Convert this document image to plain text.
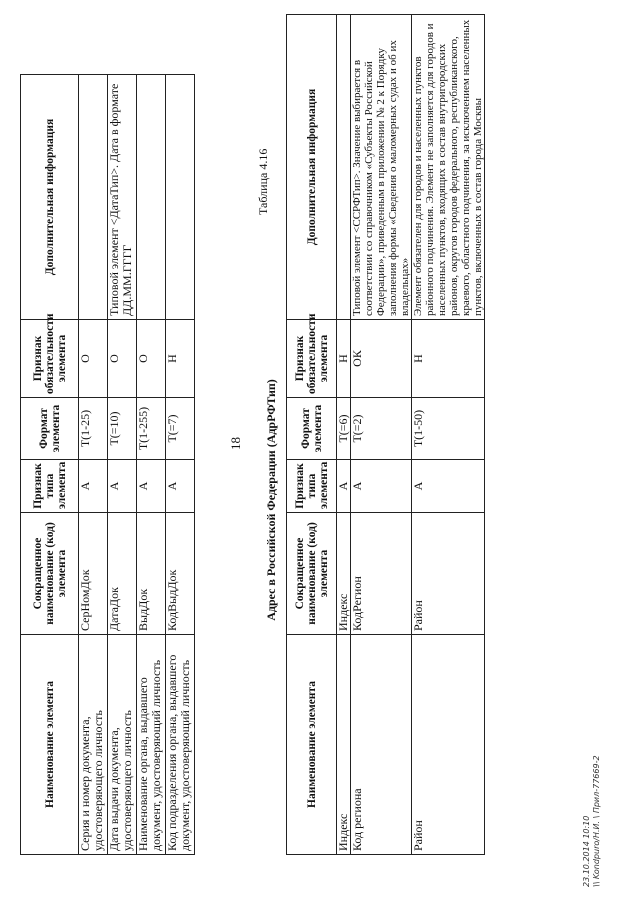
23.10.2014 10:10 \\ Kondpuro/H.И. \ Прил-77669-2
Наименование элемента	Сокращенное наименование (код) элемента	Признак типа элемента	Формат элемента	Признак обязательности элемента	Дополнительная информация
Серия и номер документа, удостоверяющего личность	СерНомДок	А	T(1-25)	О	
Дата выдачи документа, удостоверяющего личность	ДатаДок	А	T(=10)	О	Типовой элемент <ДатаТип>. Дата в формате ДД.ММ.ГГГГ
Наименование органа, выдавшего документ, удостоверяющий личность	ВыдДок	А	T(1-255)	О	
Код подразделения органа, выдавшего документ, удостоверяющий личность	КодВыдДок	А	T(=7)	Н	
18
Таблица 4.16
Адрес в Российской Федерации (АдрРФТип)
Наименование элемента	Сокращенное наименование (код) элемента	Признак типа элемента	Формат элемента	Признак обязательности элемента	Дополнительная информация
Индекс	Индекс	А	T(=6)	Н	
Код региона	КодРегион	А	T(=2)	ОК	Типовой элемент <ССРФТип>. Значение выбирается в соответствии со справочником «Субъекты Российской Федерации», приведенным в приложении № 2 к Порядку заполнения формы «Сведения о маломерных судах и об их владельцах»
Район	Район	А	T(1-50)	Н	Элемент обязателен для городов и населенных пунктов районного подчинения. Элемент не заполняется для городов и населенных пунктов, входящих в состав внутригородских районов, округов городов федерального, республиканского, краевого, областного подчинения, за исключением населенных пунктов, включенных в состав города Москвы
